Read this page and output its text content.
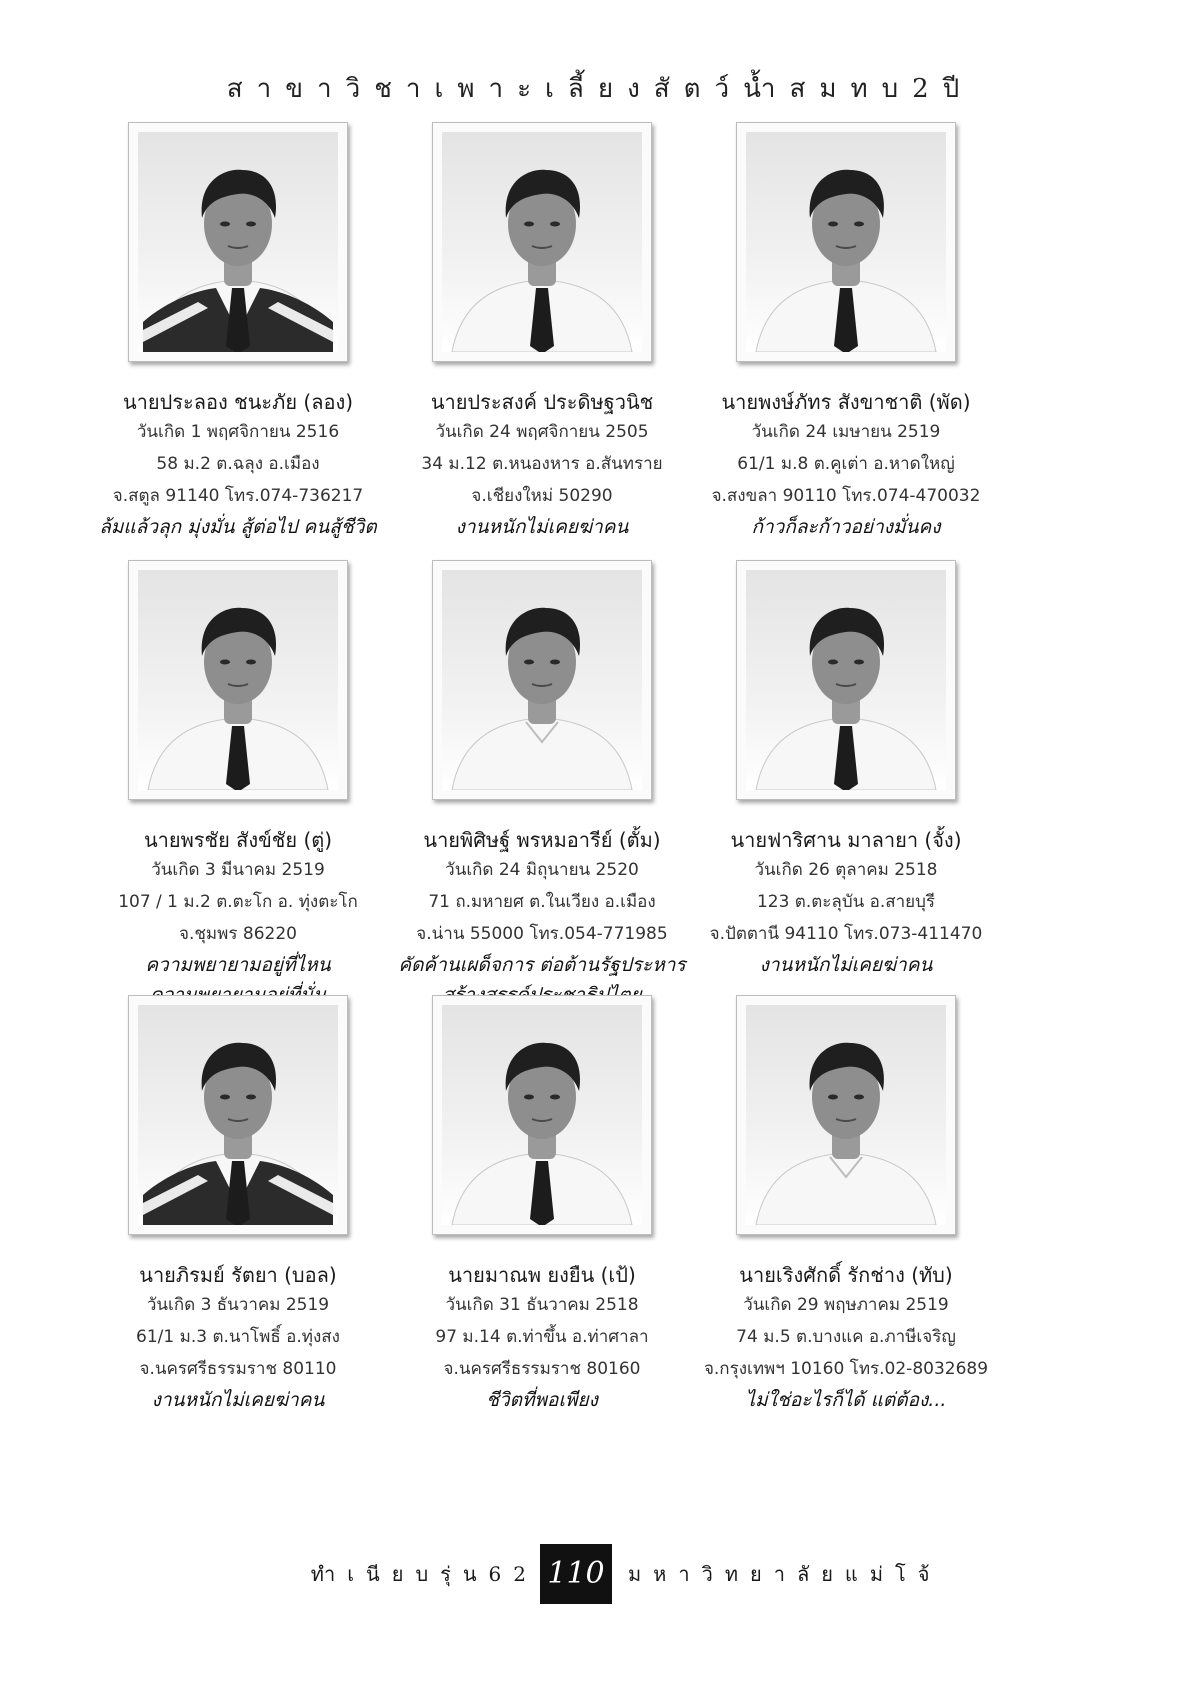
สาขาวิชาเพาะเลี้ยงสัตว์น้ำสมทบ2ปี
นายประลอง ชนะภัย (ลอง)
วันเกิด 1 พฤศจิกายน 2516
58 ม.2 ต.ฉลุง อ.เมือง
จ.สตูล 91140 โทร.074-736217
ล้มแล้วลุก มุ่งมั่น สู้ต่อไป คนสู้ชีวิต
นายประสงค์ ประดิษฐวนิช
วันเกิด 24 พฤศจิกายน 2505
34 ม.12 ต.หนองหาร อ.สันทราย
จ.เชียงใหม่ 50290
งานหนักไม่เคยฆ่าคน
นายพงษ์ภัทร สังขาชาติ (พัด)
วันเกิด 24 เมษายน 2519
61/1 ม.8 ต.คูเต่า อ.หาดใหญ่
จ.สงขลา 90110 โทร.074-470032
ก้าวก็ละก้าวอย่างมั่นคง
นายพรชัย สังข์ชัย (ตู่)
วันเกิด 3 มีนาคม 2519
107 / 1 ม.2 ต.ตะโก อ. ทุ่งตะโก
จ.ชุมพร 86220
ความพยายามอยู่ที่ไหน
นายพิศิษฐ์ พรหมอารีย์ (ตั้ม)
วันเกิด 24 มิถุนายน 2520
71 ถ.มหายศ ต.ในเวียง อ.เมือง
จ.น่าน 55000 โทร.054-771985
คัดค้านเผด็จการ ต่อต้านรัฐประหาร
นายฟาริศาน มาลายา (จั้ง)
วันเกิด 26 ตุลาคม 2518
123 ต.ตะลุบัน อ.สายบุรี
จ.ปัตตานี 94110 โทร.073-411470
งานหนักไม่เคยฆ่าคน
นายภิรมย์ รัตยา (บอล)
วันเกิด 3 ธันวาคม 2519
61/1 ม.3 ต.นาโพธิ์ อ.ทุ่งสง
จ.นครศรีธรรมราช 80110
งานหนักไม่เคยฆ่าคน
นายมาณพ ยงยืน (เป้)
วันเกิด 31 ธันวาคม 2518
97 ม.14 ต.ท่าขึ้น อ.ท่าศาลา
จ.นครศรีธรรมราช 80160
ชีวิตที่พอเพียง
นายเริงศักดิ์ รักช่าง (ทับ)
วันเกิด 29 พฤษภาคม 2519
74 ม.5 ต.บางแค อ.ภาษีเจริญ
จ.กรุงเทพฯ 10160 โทร.02-8032689
ไม่ใช่อะไรก็ได้ แต่ต้อง...
ทำเนียบรุ่น62 110	มหาวิทยาลัยแม่โจ้
